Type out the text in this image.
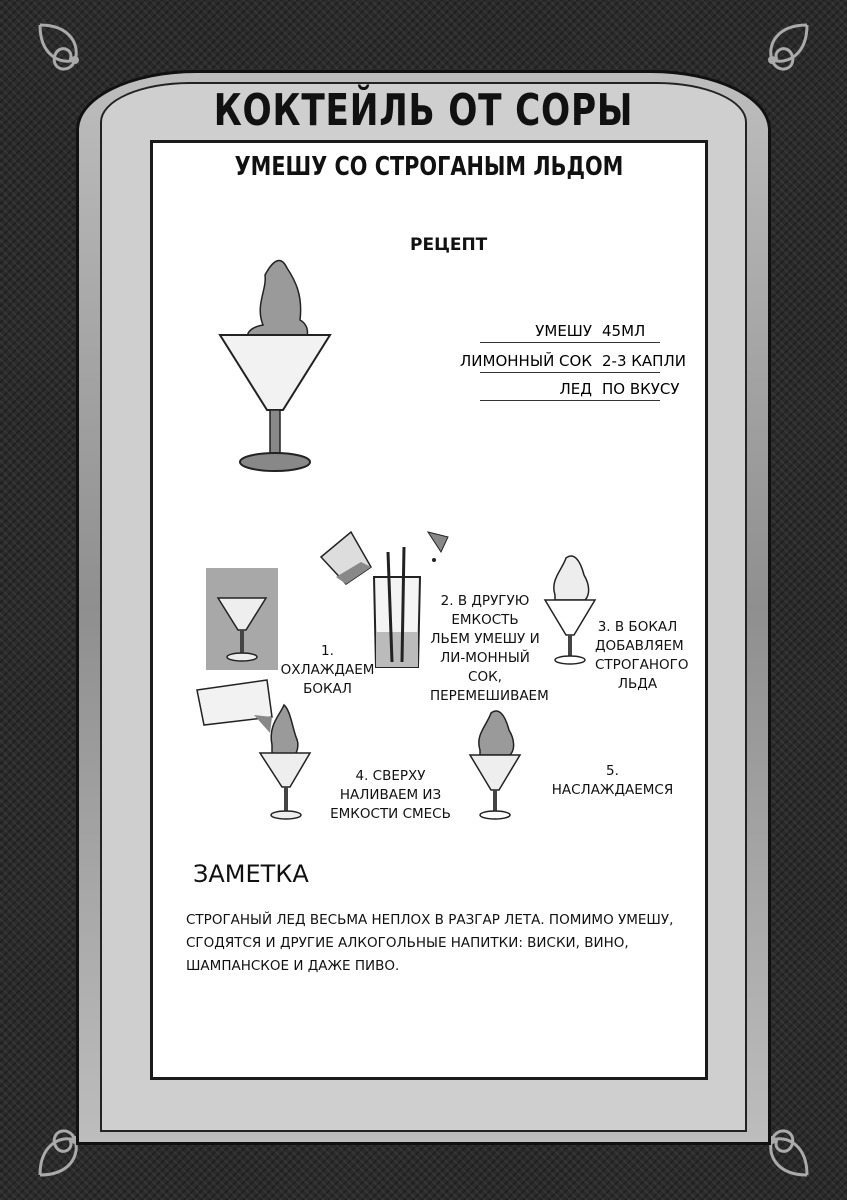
КОКТЕЙЛЬ ОТ СОРЫ
УМЕШУ СО СТРОГАНЫМ ЛЬДОМ
РЕЦЕПТ
УМЕШУ 45МЛ
ЛИМОННЫЙ СОК 2-3 КАПЛИ
ЛЕД ПО ВКУСУ
1. ОХЛАЖДАЕМ БОКАЛ
2. В ДРУГУЮ ЕМКОСТЬ ЛЬЕМ УМЕШУ И ЛИ-МОННЫЙ СОК, ПЕРЕМЕШИВАЕМ
3. В БОКАЛ ДОБАВЛЯЕМ СТРОГАНОГО ЛЬДА
4. СВЕРХУ НАЛИВАЕМ ИЗ ЕМКОСТИ СМЕСЬ
5. НАСЛАЖДАЕМСЯ
ЗАМЕТКА
СТРОГАНЫЙ ЛЕД ВЕСЬМА НЕПЛОХ В РАЗГАР ЛЕТА. ПОМИМО УМЕШУ, СГОДЯТСЯ И ДРУГИЕ АЛКОГОЛЬНЫЕ НАПИТКИ: ВИСКИ, ВИНО, ШАМПАНСКОЕ И ДАЖЕ ПИВО.
